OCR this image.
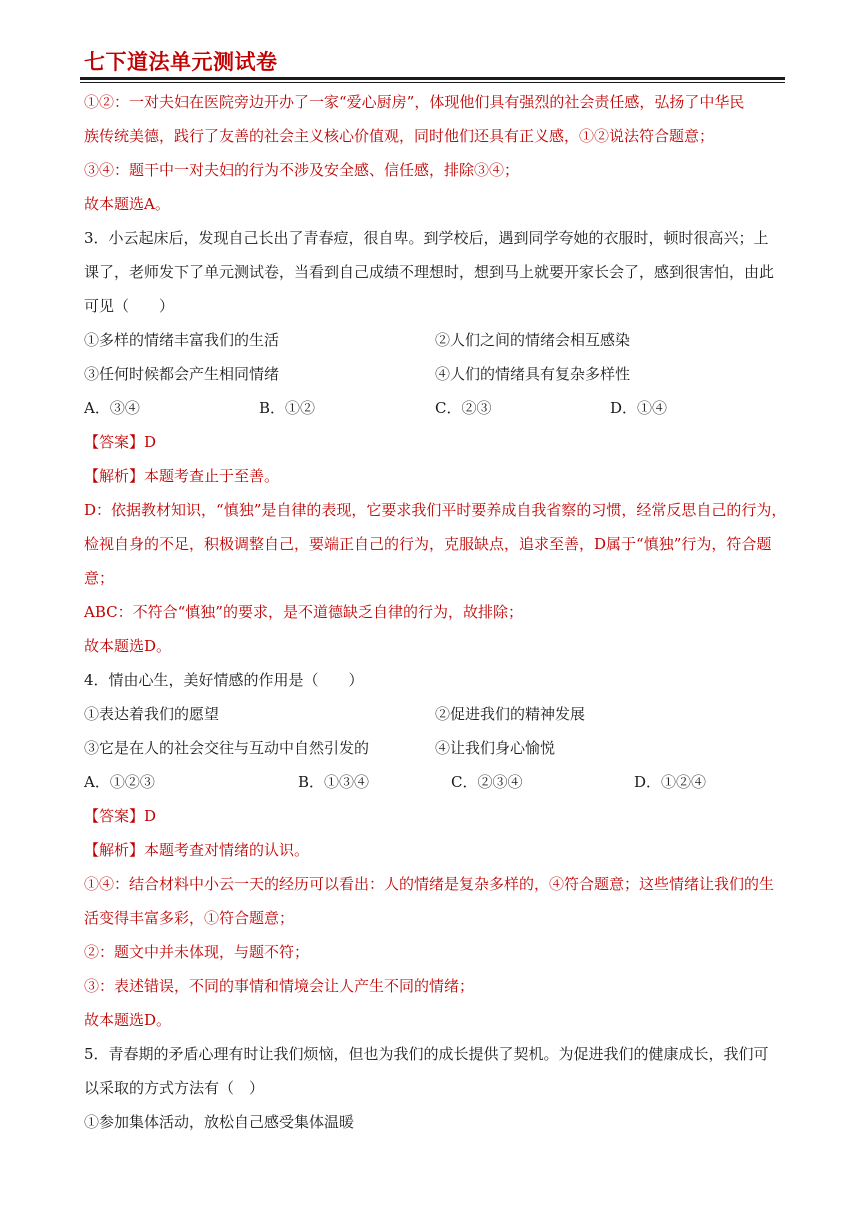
七下道法单元测试卷
①②：一对夫妇在医院旁边开办了一家“爱心厨房”，体现他们具有强烈的社会责任感，弘扬了中华民
族传统美德，践行了友善的社会主义核心价值观，同时他们还具有正义感，①②说法符合题意；
③④：题干中一对夫妇的行为不涉及安全感、信任感，排除③④；
故本题选A。
3．小云起床后，发现自己长出了青春痘，很自卑。到学校后，遇到同学夸她的衣服时，顿时很高兴；上
课了，老师发下了单元测试卷，当看到自己成绩不理想时，想到马上就要开家长会了，感到很害怕，由此
可见（　　）
①多样的情绪丰富我们的生活	②人们之间的情绪会相互感染
③任何时候都会产生相同情绪	④人们的情绪具有复杂多样性
A．③④	B．①②	C．②③	D．①④
【答案】D
【解析】本题考查止于至善。
D：依据教材知识，“慎独”是自律的表现，它要求我们平时要养成自我省察的习惯，经常反思自己的行为，
检视自身的不足，积极调整自己，要端正自己的行为，克服缺点，追求至善，D属于“慎独”行为，符合题
意；
ABC：不符合“慎独”的要求，是不道德缺乏自律的行为，故排除；
故本题选D。
4．情由心生，美好情感的作用是（　　）
①表达着我们的愿望	②促进我们的精神发展
③它是在人的社会交往与互动中自然引发的	④让我们身心愉悦
A．①②③	B．①③④	C．②③④	D．①②④
【答案】D
【解析】本题考查对情绪的认识。
①④：结合材料中小云一天的经历可以看出：人的情绪是复杂多样的，④符合题意；这些情绪让我们的生
活变得丰富多彩，①符合题意；
②：题文中并未体现，与题不符；
③：表述错误，不同的事情和情境会让人产生不同的情绪；
故本题选D。
5．青春期的矛盾心理有时让我们烦恼，但也为我们的成长提供了契机。为促进我们的健康成长，我们可
以采取的方式方法有（　）
①参加集体活动，放松自己感受集体温暖
